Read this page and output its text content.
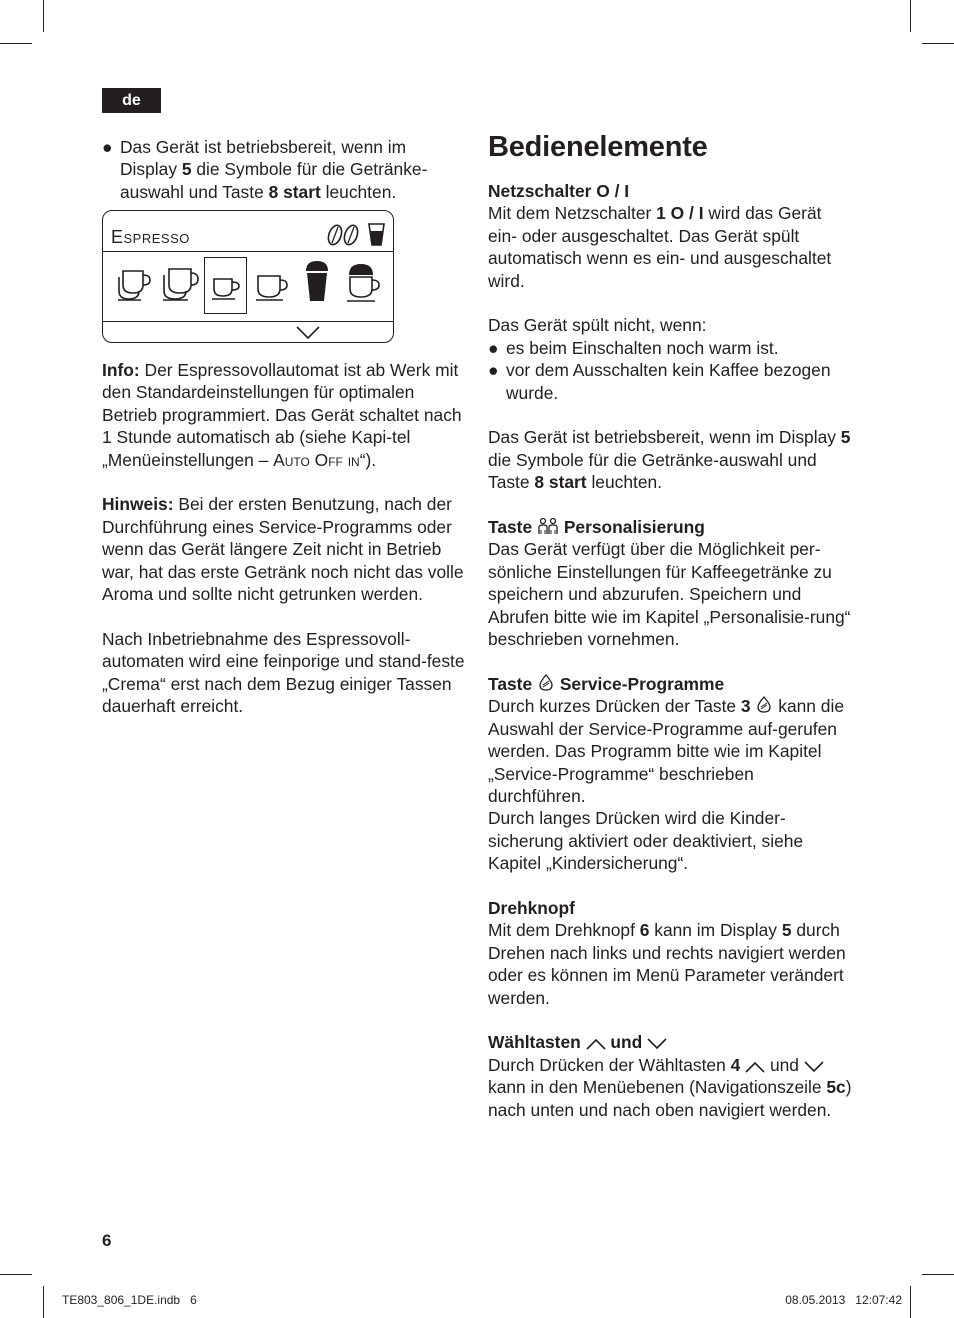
de

● Das Gerät ist betriebsbereit, wenn im Display 5 die Symbole für die Getränke-auswahl und Taste 8 start leuchten.

Espresso

Info: Der Espressovollautomat ist ab Werk mit den Standardeinstellungen für optimalen Betrieb programmiert. Das Gerät schaltet nach 1 Stunde automatisch ab (siehe Kapi-tel „Menüeinstellungen – Auto Off in“).

Hinweis: Bei der ersten Benutzung, nach der Durchführung eines Service-Programms oder wenn das Gerät längere Zeit nicht in Betrieb war, hat das erste Getränk noch nicht das volle Aroma und sollte nicht getrunken werden.

Nach Inbetriebnahme des Espressovoll-automaten wird eine feinporige und stand-feste „Crema“ erst nach dem Bezug einiger Tassen dauerhaft erreicht.

Bedienelemente

Netzschalter O / I

Mit dem Netzschalter 1 O / I wird das Gerät ein- oder ausgeschaltet. Das Gerät spült automatisch wenn es ein- und ausgeschaltet wird.

Das Gerät spült nicht, wenn:

● es beim Einschalten noch warm ist.

● vor dem Ausschalten kein Kaffee bezogen wurde.

Das Gerät ist betriebsbereit, wenn im Display 5 die Symbole für die Getränke-auswahl und Taste 8 start leuchten.

Taste  Personalisierung

Das Gerät verfügt über die Möglichkeit per-sönliche Einstellungen für Kaffeegetränke zu speichern und abzurufen. Speichern und Abrufen bitte wie im Kapitel „Personalisie-rung“ beschrieben vornehmen.

Taste  Service-Programme

Durch kurzes Drücken der Taste 3  kann die Auswahl der Service-Programme auf-gerufen werden. Das Programm bitte wie im Kapitel „Service-Programme“ beschrieben durchführen.

Durch langes Drücken wird die Kinder-sicherung aktiviert oder deaktiviert, siehe Kapitel „Kindersicherung“.

Drehknopf

Mit dem Drehknopf 6 kann im Display 5 durch Drehen nach links und rechts navigiert werden oder es können im Menü Parameter verändert werden.

Wähltasten  und

Durch Drücken der Wähltasten 4  und  kann in den Menüebenen (Navigationszeile 5c) nach unten und nach oben navigiert werden.

6
TE803_806_1DE.indb   6	08.05.2013   12:07:42
